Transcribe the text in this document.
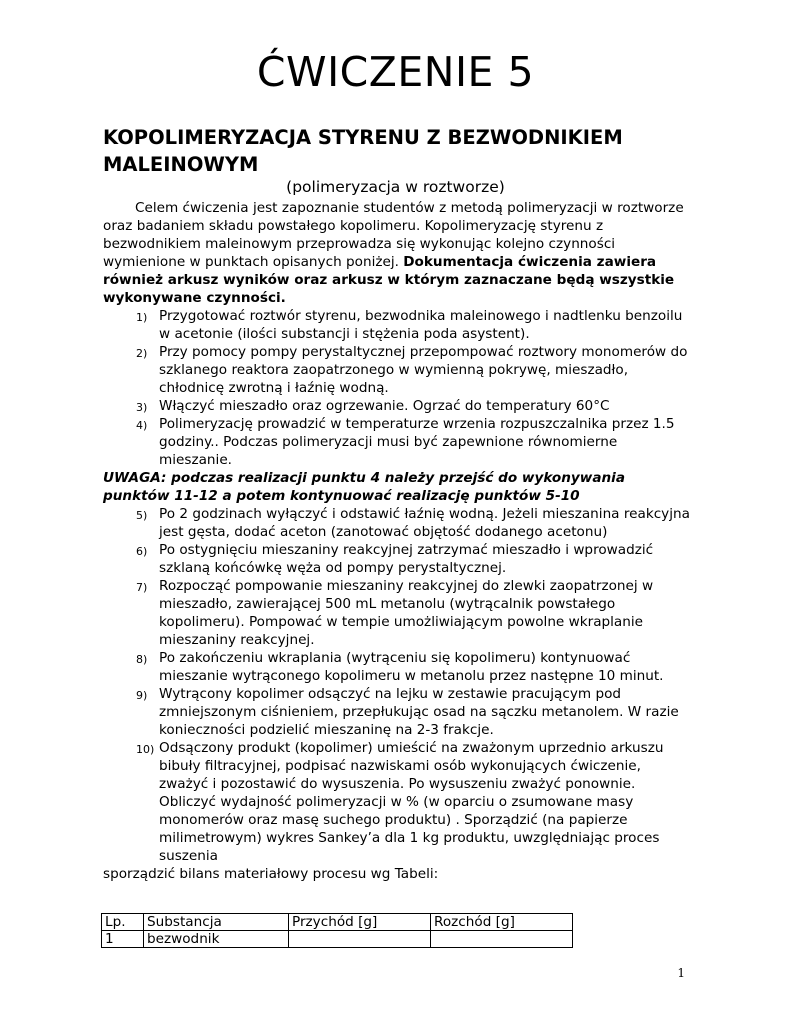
ĆWICZENIE 5
KOPOLIMERYZACJA STYRENU Z BEZWODNIKIEM
MALEINOWYM
(polimeryzacja w roztworze)

Celem ćwiczenia jest zapoznanie studentów z metodą polimeryzacji w roztworze oraz badaniem składu powstałego kopolimeru. Kopolimeryzację styrenu z bezwodnikiem maleinowym przeprowadza się wykonując kolejno czynności wymienione w punktach opisanych poniżej. Dokumentacja ćwiczenia zawiera również arkusz wyników oraz arkusz w którym zaznaczane będą wszystkie wykonywane czynności.

1) Przygotować roztwór styrenu, bezwodnika maleinowego i nadtlenku benzoilu w acetonie (ilości substancji i stężenia poda asystent).

2) Przy pomocy pompy perystaltycznej przepompować roztwory monomerów do szklanego reaktora zaopatrzonego w wymienną pokrywę, mieszadło, chłodnicę zwrotną i łaźnię wodną.

3) Włączyć mieszadło oraz ogrzewanie. Ogrzać do temperatury 60°C

4) Polimeryzację prowadzić w temperaturze wrzenia rozpuszczalnika przez 1.5 godziny.. Podczas polimeryzacji musi być zapewnione równomierne mieszanie.

UWAGA: podczas realizacji punktu 4 należy przejść do wykonywania punktów 11-12 a potem kontynuować realizację punktów 5-10

5) Po 2 godzinach wyłączyć i odstawić łaźnię wodną. Jeżeli mieszanina reakcyjna jest gęsta, dodać aceton (zanotować objętość dodanego acetonu)

6) Po ostygnięciu mieszaniny reakcyjnej zatrzymać mieszadło i wprowadzić szklaną końcówkę węża od pompy perystaltycznej.

7) Rozpocząć pompowanie mieszaniny reakcyjnej do zlewki zaopatrzonej w mieszadło, zawierającej 500 mL metanolu (wytrącalnik powstałego kopolimeru). Pompować w tempie umożliwiającym powolne wkraplanie mieszaniny reakcyjnej.

8) Po zakończeniu wkraplania (wytrąceniu się kopolimeru) kontynuować mieszanie wytrąconego kopolimeru w metanolu przez następne 10 minut.

9) Wytrącony kopolimer odsączyć na lejku w zestawie pracującym pod zmniejszonym ciśnieniem, przepłukując osad na sączku metanolem. W razie konieczności podzielić mieszaninę na 2-3 frakcje.

10) Odsączony produkt (kopolimer) umieścić na zważonym uprzednio arkuszu bibuły filtracyjnej, podpisać nazwiskami osób wykonujących ćwiczenie, zważyć i pozostawić do wysuszenia. Po wysuszeniu zważyć ponownie. Obliczyć wydajność polimeryzacji w % (w oparciu o zsumowane masy monomerów oraz masę suchego produktu) . Sporządzić (na papierze milimetrowym) wykres Sankey’a dla 1 kg produktu, uwzględniając proces suszenia

sporządzić bilans materiałowy procesu wg Tabeli:

Lp.	Substancja	Przychód [g]	Rozchód [g]
1	bezwodnik		
1
